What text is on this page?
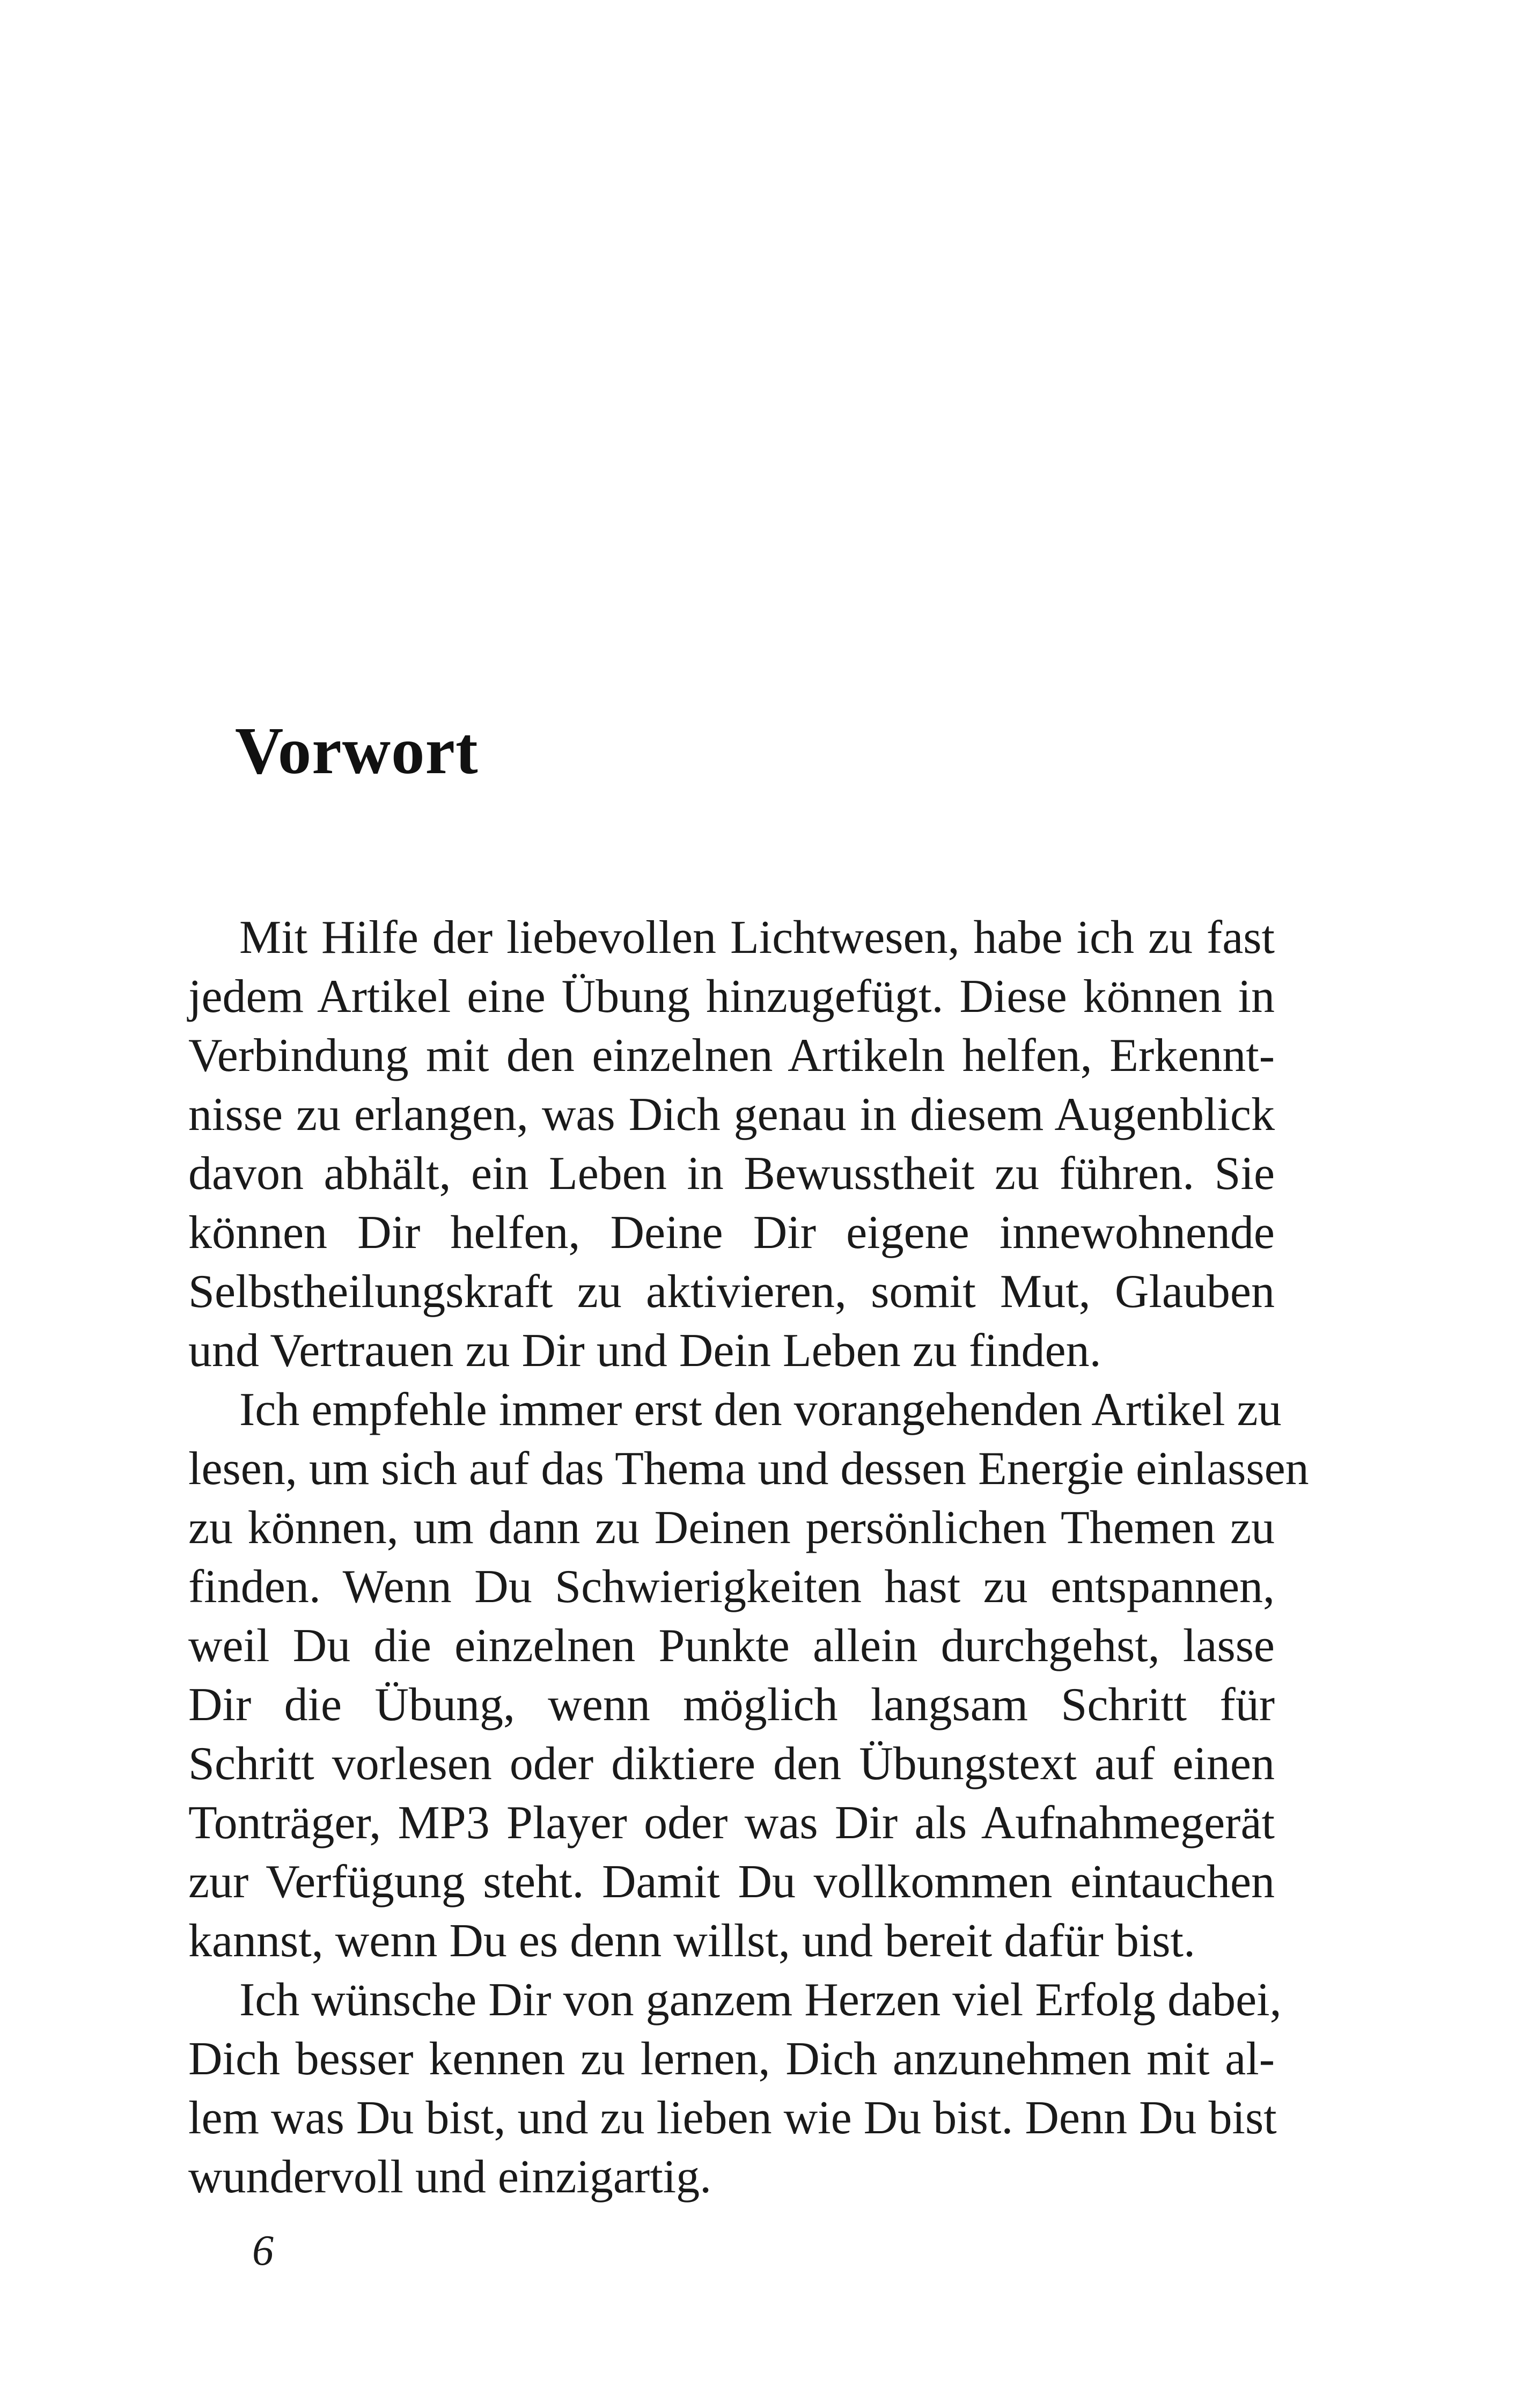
Vorwort
Mit Hilfe der liebevollen Lichtwesen, habe ich zu fast
jedem Artikel eine Übung hinzugefügt. Diese können in
Verbindung mit den einzelnen Artikeln helfen, Erkennt-
nisse zu erlangen, was Dich genau in diesem Augenblick
davon abhält, ein Leben in Bewusstheit zu führen. Sie
können Dir helfen, Deine Dir eigene innewohnende
Selbstheilungskraft zu aktivieren, somit Mut, Glauben
und Vertrauen zu Dir und Dein Leben zu finden.
Ich empfehle immer erst den vorangehenden Artikel zu
lesen, um sich auf das Thema und dessen Energie einlassen
zu können, um dann zu Deinen persönlichen Themen zu
finden. Wenn Du Schwierigkeiten hast zu entspannen,
weil Du die einzelnen Punkte allein durchgehst, lasse
Dir die Übung, wenn möglich langsam Schritt für
Schritt vorlesen oder diktiere den Übungstext auf einen
Tonträger, MP3 Player oder was Dir als Aufnahmegerät
zur Verfügung steht. Damit Du vollkommen eintauchen
kannst, wenn Du es denn willst, und bereit dafür bist.
Ich wünsche Dir von ganzem Herzen viel Erfolg dabei,
Dich besser kennen zu lernen, Dich anzunehmen mit al-
lem was Du bist, und zu lieben wie Du bist. Denn Du bist
wundervoll und einzigartig.
6
